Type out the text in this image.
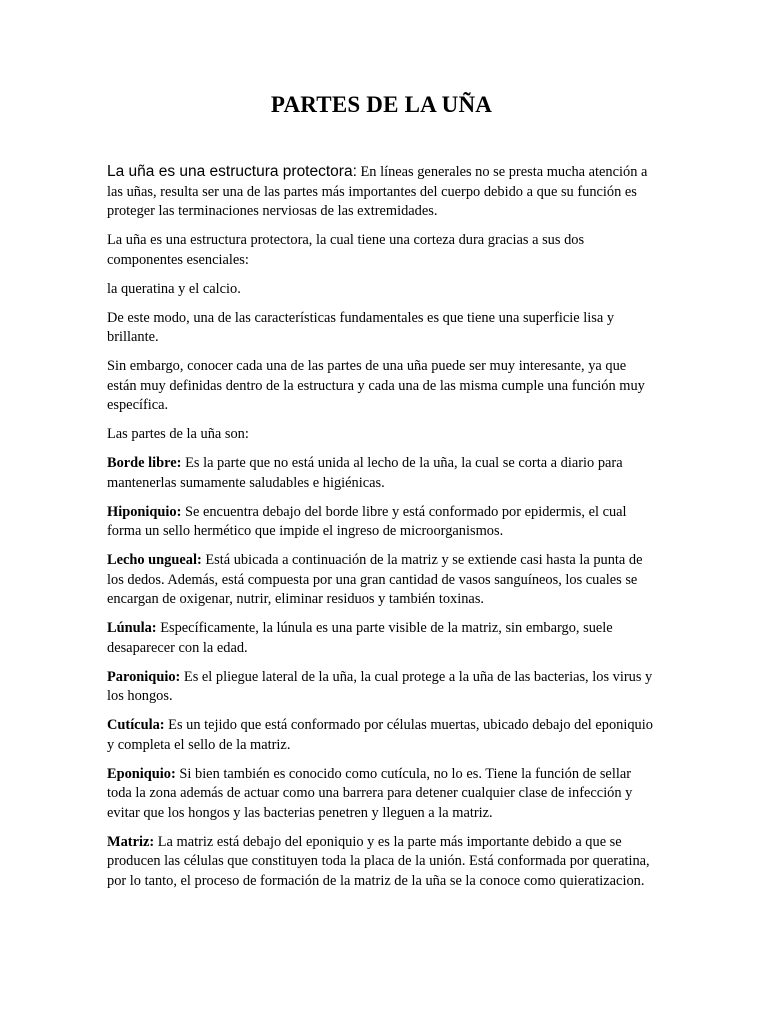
PARTES DE LA UÑA

La uña es una estructura protectora: En líneas generales no se presta mucha atención a las uñas, resulta ser una de las partes más importantes del cuerpo debido a que su función es proteger las terminaciones nerviosas de las extremidades.

La uña es una estructura protectora, la cual tiene una corteza dura gracias a sus dos componentes esenciales:

la queratina y el calcio.

De este modo, una de las características fundamentales es que tiene una superficie lisa y brillante.

Sin embargo, conocer cada una de las partes de una uña puede ser muy interesante, ya que están muy definidas dentro de la estructura y cada una de las misma cumple una función muy específica.

Las partes de la uña son:

Borde libre: Es la parte que no está unida al lecho de la uña, la cual se corta a diario para mantenerlas sumamente saludables e higiénicas.

Hiponiquio: Se encuentra debajo del borde libre y está conformado por epidermis, el cual forma un sello hermético que impide el ingreso de microorganismos.

Lecho ungueal: Está ubicada a continuación de la matriz y se extiende casi hasta la punta de los dedos. Además, está compuesta por una gran cantidad de vasos sanguíneos, los cuales se encargan de oxigenar, nutrir, eliminar residuos y también toxinas.

Lúnula: Específicamente, la lúnula es una parte visible de la matriz, sin embargo, suele desaparecer con la edad.

Paroniquio: Es el pliegue lateral de la uña, la cual protege a la uña de las bacterias, los virus y los hongos.

Cutícula: Es un tejido que está conformado por células muertas, ubicado debajo del eponiquio y completa el sello de la matriz.

Eponiquio: Si bien también es conocido como cutícula, no lo es. Tiene la función de sellar toda la zona además de actuar como una barrera para detener cualquier clase de infección y evitar que los hongos y las bacterias penetren y lleguen a la matriz.

Matriz: La matriz está debajo del eponiquio y es la parte más importante debido a que se producen las células que constituyen toda la placa de la unión. Está conformada por queratina, por lo tanto, el proceso de formación de la matriz de la uña se la conoce como quieratizacion.
